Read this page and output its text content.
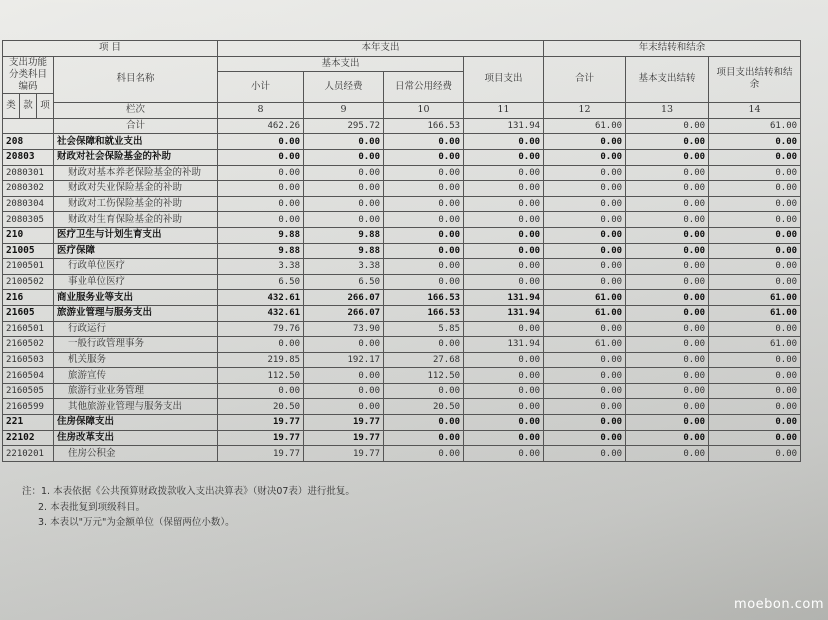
项 目				本年支出				年末结转和结余		
支出功能分类科目编码			科目名称	基本支出			项目支出	合计	基本支出结转	项目支出结转和结余
				小计	人员经费	日常公用经费				
类	款	项								
			栏次	8	9	10	11	12	13	14
			合计	462.26	295.72	166.53	131.94	61.00	0.00	61.00
208			社会保障和就业支出	0.00	0.00	0.00	0.00	0.00	0.00	0.00
20803			财政对社会保险基金的补助	0.00	0.00	0.00	0.00	0.00	0.00	0.00
2080301			财政对基本养老保险基金的补助	0.00	0.00	0.00	0.00	0.00	0.00	0.00
2080302			财政对失业保险基金的补助	0.00	0.00	0.00	0.00	0.00	0.00	0.00
2080304			财政对工伤保险基金的补助	0.00	0.00	0.00	0.00	0.00	0.00	0.00
2080305			财政对生育保险基金的补助	0.00	0.00	0.00	0.00	0.00	0.00	0.00
210			医疗卫生与计划生育支出	9.88	9.88	0.00	0.00	0.00	0.00	0.00
21005			医疗保障	9.88	9.88	0.00	0.00	0.00	0.00	0.00
2100501			行政单位医疗	3.38	3.38	0.00	0.00	0.00	0.00	0.00
2100502			事业单位医疗	6.50	6.50	0.00	0.00	0.00	0.00	0.00
216			商业服务业等支出	432.61	266.07	166.53	131.94	61.00	0.00	61.00
21605			旅游业管理与服务支出	432.61	266.07	166.53	131.94	61.00	0.00	61.00
2160501			行政运行	79.76	73.90	5.85	0.00	0.00	0.00	0.00
2160502			一般行政管理事务	0.00	0.00	0.00	131.94	61.00	0.00	61.00
2160503			机关服务	219.85	192.17	27.68	0.00	0.00	0.00	0.00
2160504			旅游宣传	112.50	0.00	112.50	0.00	0.00	0.00	0.00
2160505			旅游行业业务管理	0.00	0.00	0.00	0.00	0.00	0.00	0.00
2160599			其他旅游业管理与服务支出	20.50	0.00	20.50	0.00	0.00	0.00	0.00
221			住房保障支出	19.77	19.77	0.00	0.00	0.00	0.00	0.00
22102			住房改革支出	19.77	19.77	0.00	0.00	0.00	0.00	0.00
2210201			住房公积金	19.77	19.77	0.00	0.00	0.00	0.00	0.00
注：1. 本表依据《公共预算财政拨款收入支出决算表》（财决07表）进行批复。
2. 本表批复到项级科目。
3. 本表以"万元"为金额单位（保留两位小数）。
moebon.com
